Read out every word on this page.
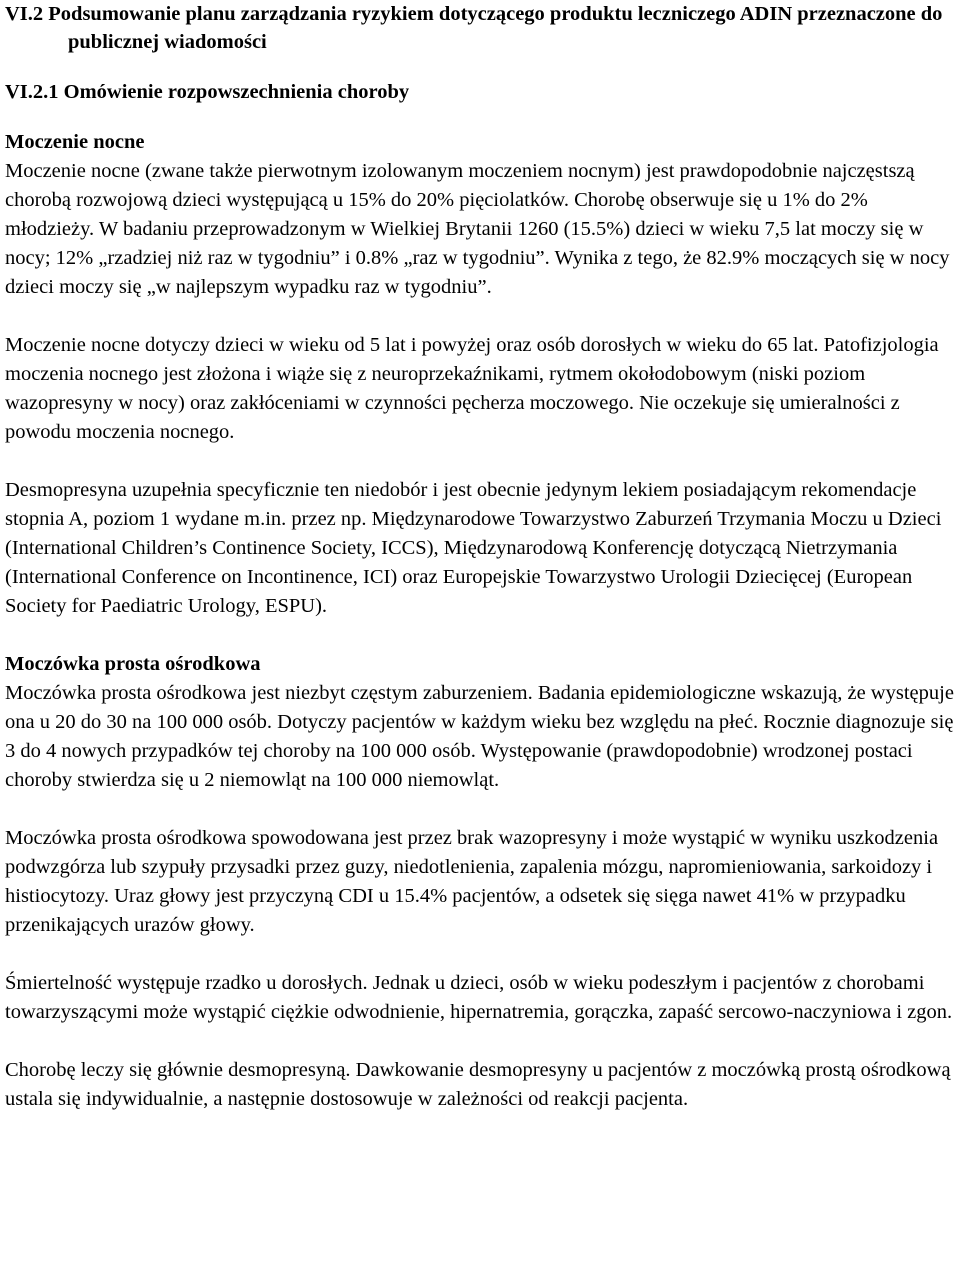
VI.2 Podsumowanie planu zarządzania ryzykiem dotyczącego produktu leczniczego ADIN przeznaczone do publicznej wiadomości
VI.2.1 Omówienie rozpowszechnienia choroby
Moczenie nocne

Moczenie nocne (zwane także pierwotnym izolowanym moczeniem nocnym) jest prawdopodobnie najczęstszą chorobą rozwojową dzieci występującą u 15% do 20% pięciolatków. Chorobę obserwuje się u 1% do 2% młodzieży. W badaniu przeprowadzonym w Wielkiej Brytanii 1260 (15.5%) dzieci w wieku 7,5 lat moczy się w nocy; 12% „rzadziej niż raz w tygodniu” i 0.8% „raz w tygodniu”. Wynika z tego, że 82.9% moczących się w nocy dzieci moczy się „w najlepszym wypadku raz w tygodniu”.

Moczenie nocne dotyczy dzieci w wieku od 5 lat i powyżej oraz osób dorosłych w wieku do 65 lat. Patofizjologia moczenia nocnego jest złożona i wiąże się z neuroprzekaźnikami, rytmem okołodobowym (niski poziom wazopresyny w nocy) oraz zakłóceniami w czynności pęcherza moczowego. Nie oczekuje się umieralności z powodu moczenia nocnego.

Desmopresyna uzupełnia specyficznie ten niedobór i jest obecnie jedynym lekiem posiadającym rekomendacje stopnia A, poziom 1 wydane m.in. przez np. Międzynarodowe Towarzystwo Zaburzeń Trzymania Moczu u Dzieci (International Children’s Continence Society, ICCS), Międzynarodową Konferencję dotyczącą Nietrzymania (International Conference on Incontinence, ICI) oraz Europejskie Towarzystwo Urologii Dziecięcej (European Society for Paediatric Urology, ESPU).

Moczówka prosta ośrodkowa

Moczówka prosta ośrodkowa jest niezbyt częstym zaburzeniem. Badania epidemiologiczne wskazują, że występuje ona u 20 do 30 na 100 000 osób. Dotyczy pacjentów w każdym wieku bez względu na płeć. Rocznie diagnozuje się 3 do 4 nowych przypadków tej choroby na 100 000 osób. Występowanie (prawdopodobnie) wrodzonej postaci choroby stwierdza się u 2 niemowląt na 100 000 niemowląt.

Moczówka prosta ośrodkowa spowodowana jest przez brak wazopresyny i może wystąpić w wyniku uszkodzenia podwzgórza lub szypuły przysadki przez guzy, niedotlenienia, zapalenia mózgu, napromieniowania, sarkoidozy i histiocytozy. Uraz głowy jest przyczyną CDI u 15.4% pacjentów, a odsetek się sięga nawet 41% w przypadku przenikających urazów głowy.

Śmiertelność występuje rzadko u dorosłych. Jednak u dzieci, osób w wieku podeszłym i pacjentów z chorobami towarzyszącymi może wystąpić ciężkie odwodnienie, hipernatremia, gorączka, zapaść sercowo-naczyniowa i zgon.

Chorobę leczy się głównie desmopresyną. Dawkowanie desmopresyny u pacjentów z moczówką prostą ośrodkową ustala się indywidualnie, a następnie dostosowuje w zależności od reakcji pacjenta.
